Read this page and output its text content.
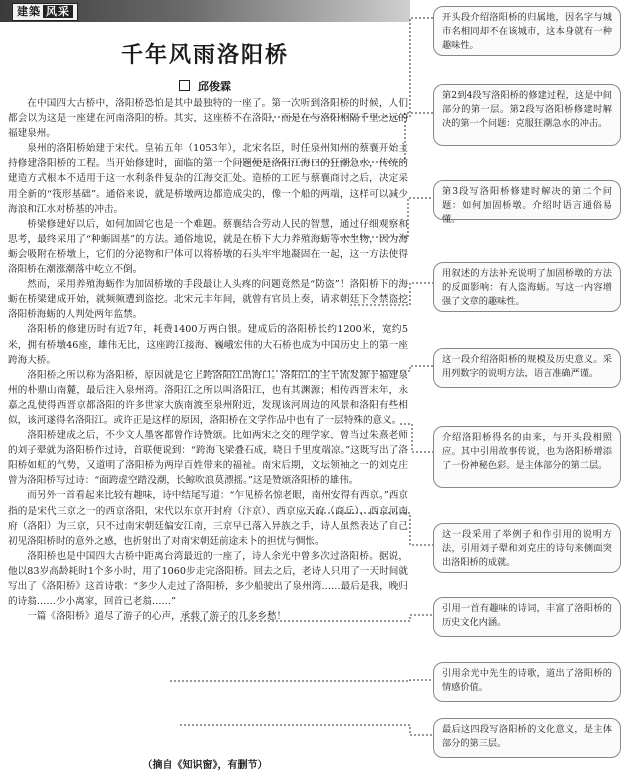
建築 风采
千年风雨洛阳桥
邱俊霖

在中国四大古桥中，洛阳桥恐怕是其中最独特的一座了。第一次听到洛阳桥的时候，人们都会以为这是一座建在河南洛阳的桥。其实，这座桥不在洛阳，而是在与洛阳相隔千里之远的福建泉州。

泉州的洛阳桥始建于宋代。皇祐五年（1053年），北宋名臣，时任泉州知州的蔡襄开始主持修建洛阳桥的工程。当开始修建时，面临的第一个问题便是洛阳江海口的狂潮急水，传统的建造方式根本不适用于这一水利条件复杂的江海交汇处。造桥的工匠与蔡襄商讨之后，决定采用全新的“筏形基础”。通俗来说，就是桥墩两边都造成尖的，像一个船的两端，这样可以减少海浪和江水对桥基的冲击。

桥梁修建好以后，如何加固它也是一个难题。蔡襄结合劳动人民的智慧，通过仔细观察和思考，最终采用了“种蛎固基”的方法。通俗地说，就是在桥下大力养殖海蛎等水生物，因为海蛎会吸附在桥墩上，它们的分泌物和尸体可以将桥墩的石头牢牢地凝固在一起，这一方法使得洛阳桥在潮涨潮落中屹立不倒。

然而，采用养殖海蛎作为加固桥墩的手段最让人头疼的问题竟然是“防盗”！洛阳桥下的海蛎在桥梁建成开始，就频频遭到盗挖。北宋元丰年间，就曾有官员上奏，请求朝廷下令禁盗挖洛阳桥海蛎的人判处两年监禁。

洛阳桥的修建历时有近7年，耗费1400万两白银。建成后的洛阳桥长约1200米，宽约5米，拥有桥墩46座，雄伟无比，这座跨江接海、巍峨宏伟的大石桥也成为中国历史上的第一座跨海大桥。

洛阳桥之所以称为洛阳桥，原因就是它上跨洛阳江出海口。洛阳江的主干流发源于福建泉州的朴鼎山南麓，最后注入泉州湾。洛阳江之所以叫洛阳江，也有其渊源；相传西晋末年，永嘉之乱使得西晋京都洛阳的许多世家大族南渡至泉州附近，发现该河周边的风景和洛阳有些相似，该河遂得名洛阳江。或许正是这样的原因，洛阳桥在文学作品中也有了一层特殊的意义。

洛阳桥建成之后，不少文人墨客都曾作诗赞颂。比如两宋之交的理学家、曾当过朱熹老师的刘子翚就为洛阳桥作过诗，首联便说到：“跨海飞梁叠石成，晓日千里度端凉。”这既写出了洛阳桥如虹的气势，又道明了洛阳桥为两岸百姓带来的福祉。南宋后期，文坛领袖之一的刘克庄曾为洛阳桥写过诗：“面跨虚空踏没潮，长鲸吹浪莫漂摇。”这是赞颂洛阳桥的雄伟。

而另外一首看起来比较有趣味，诗中结尾写道：“乍见桥名惊老眼，南州安得有西京。”西京指的是宋代三京之一的西京洛阳，宋代以东京开封府（汴京）、西京应天府（商丘）、西京河南府（洛阳）为三京，只不过南宋朝廷偏安江南，三京早已落入异族之手，诗人虽然表达了自己初见洛阳桥时的意外之感，也折射出了对南宋朝廷前途未卜的担忧与惆怅。

洛阳桥也是中国四大古桥中距离台湾最近的一座了，诗人余光中曾多次过洛阳桥。据说，他以83岁高龄耗时1个多小时，用了1060步走完洛阳桥。回去之后，老诗人只用了一天时间就写出了《洛阳桥》这首诗歌：“多少人走过了洛阳桥，多少船驶出了泉州湾……最后是我，晚归的诗翁……少小离家，回首已老翁……”

一篇《洛阳桥》道尽了游子的心声，承载了游子的几多乡愁！

（摘自《知识窗》，有删节）
开头段介绍洛阳桥的归属地，因名字与城市名相同却不在该城市，这本身就有一种趣味性。
第2到4段写洛阳桥的修建过程，这是中间部分的第一层。第2段写洛阳桥修建时解决的第一个问题：克服狂潮急水的冲击。
第3段写洛阳桥修建时解决的第二个问题：如何加固桥墩。介绍时语言通俗易懂。
用叙述的方法补充说明了加固桥墩的方法的反面影响：有人盗海蛎。写这一内容增强了文章的趣味性。
这一段介绍洛阳桥的规模及历史意义。采用列数字的说明方法，语言准确严谨。
介绍洛阳桥得名的由来，与开头段相照应。其中引用故事传说，也为洛阳桥增添了一份神秘色彩。是主体部分的第二层。
这一段采用了举例子和作引用的说明方法，引用刘子翚和刘克庄的诗句来侧面突出洛阳桥的成就。
引用一首有趣味的诗词，丰富了洛阳桥的历史文化内涵。
引用余光中先生的诗歌，道出了洛阳桥的情感价值。
最后这四段写洛阳桥的文化意义，是主体部分的第三层。
